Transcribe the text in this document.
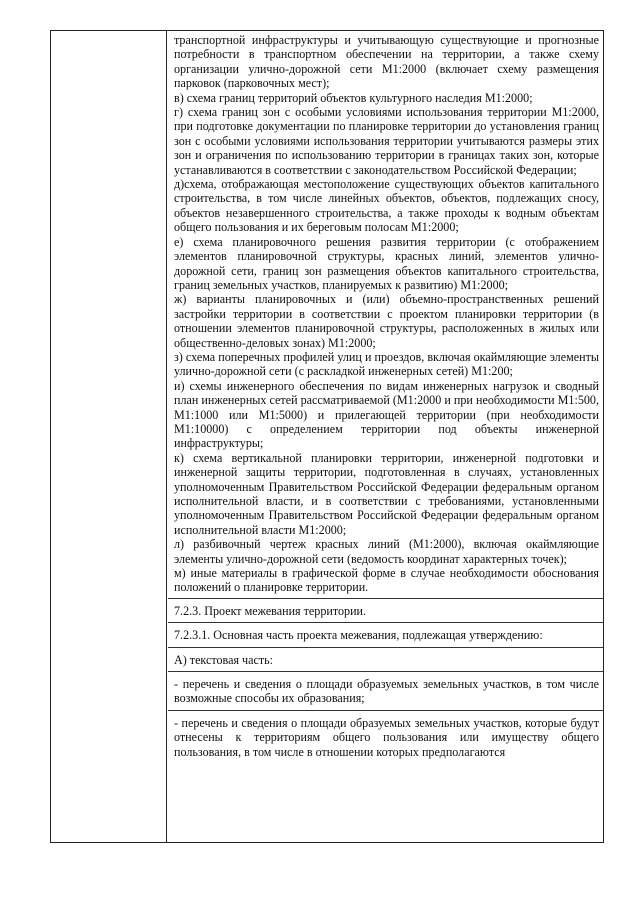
транспортной инфраструктуры и учитывающую существующие и прогнозные потребности в транспортном обеспечении на территории, а также схему организации улично-дорожной сети М1:2000 (включает схему размещения парковок (парковочных мест);

в) схема границ территорий объектов культурного наследия М1:2000;

г) схема границ зон с особыми условиями использования территории М1:2000, при подготовке документации по планировке территории до установления границ зон с особыми условиями использования территории учитываются размеры этих зон и ограничения по использованию территории в границах таких зон, которые устанавливаются в соответствии с законодательством Российской Федерации;

д)схема, отображающая местоположение существующих объектов капитального строительства, в том числе линейных объектов, объектов, подлежащих сносу, объектов незавершенного строительства, а также проходы к водным объектам общего пользования и их береговым полосам М1:2000;

е) схема планировочного решения развития территории (с отображением элементов планировочной структуры, красных линий, элементов улично-дорожной сети, границ зон размещения объектов капитального строительства, границ земельных участков, планируемых к развитию) М1:2000;

ж) варианты планировочных и (или) объемно-пространственных решений застройки территории в соответствии с проектом планировки территории (в отношении элементов планировочной структуры, расположенных в жилых или общественно-деловых зонах) М1:2000;

з) схема поперечных профилей улиц и проездов, включая окаймляющие элементы улично-дорожной сети (с раскладкой инженерных сетей) М1:200;

и) схемы инженерного обеспечения по видам инженерных нагрузок и сводный план инженерных сетей рассматриваемой (М1:2000 и при необходимости М1:500, М1:1000 или М1:5000) и прилегающей территории (при необходимости М1:10000) с определением территории под объекты инженерной инфраструктуры;

к) схема вертикальной планировки территории, инженерной подготовки и инженерной защиты территории, подготовленная в случаях, установленных уполномоченным Правительством Российской Федерации федеральным органом исполнительной власти, и в соответствии с требованиями, установленными уполномоченным Правительством Российской Федерации федеральным органом исполнительной власти М1:2000;

л) разбивочный чертеж красных линий (М1:2000), включая окаймляющие элементы улично-дорожной сети (ведомость координат характерных точек);

м) иные материалы в графической форме в случае необходимости обоснования положений о планировке территории.

7.2.3. Проект межевания территории.

7.2.3.1. Основная часть проекта межевания, подлежащая утверждению:

А) текстовая часть:

- перечень и сведения о площади образуемых земельных участков, в том числе возможные способы их образования;

- перечень и сведения о площади образуемых земельных участков, которые будут отнесены к территориям общего пользования или имуществу общего пользования, в том числе в отношении которых предполагаются
